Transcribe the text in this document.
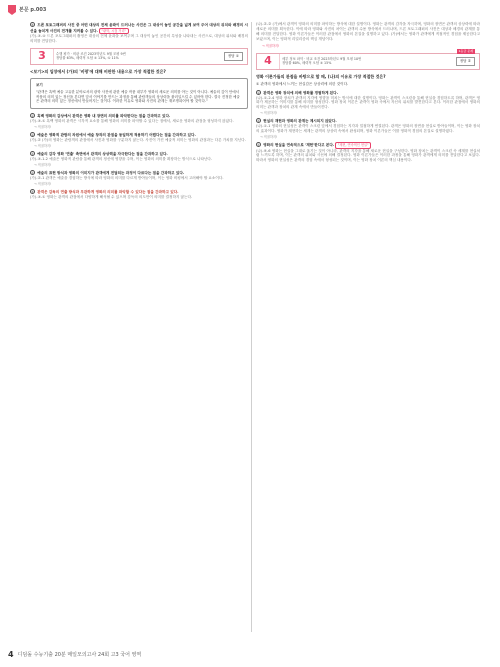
본문 p.003
⑥ 드론 포토그래퍼의 사진 중 어떤 대상의 전체 윤곽이 드러나는 사진은 그 대상이 놓인 공간을 넓게 보여 주어 대상의 위치와 배경의 시선을 놓치게 사진의 전개를 지켜볼 수 있다. "광학, 시점 거리"
(가)-③-④ 드론 포토그래퍼의 촬영은 대상의 전체 윤곽을 보여주며 그 대상이 놓인 공간의 특성을 나타내는 사진으로, 대상의 위치와 배경의 의미를 전달한다.
3	수행 평가 · 비판 조건 2023학년도 9월 모평 9번
정답률 63%, 매력적 오답 ② 13%, ⑤ 11%
정답 ①
<보기>의 입장에서 (가)의 '비평'에 대해 비판한 내용으로 가장 적절한 것은?
보기
"관객은 흑백 예술 고유한 분야로서의 광학 사진에 관한 예술 작품 내부가 영화의 새로운 의미를 아는 것이 아니다. 예술의 깊이 안에서 작품의 의미 있는 정신을 본다면 앞서 이야기를 만드는 과정을 통해 관람객들의 상상력을 불러일으킬 수 있어야 한다. 결국 진정한 예술은 관객의 의미 있는 정신에서 만들어지는 것이다. 이러한 이유로 영화와 사진의 관계는 재조명되어야 할 것이다."
① 흑백 영화의 감상에서 관객은 영화 내 장면의 의미를 파악한다는 점을 간과하고 있다.
(가)-③-① 흑백 영화의 관객은 시각적 요소를 통해 영화의 의미를 파악할 수 있다는 점에서, 새로운 영화의 관점을 형성하지 않았다.
→ 적절하지!
② 예술은 영화적 관람의 차원에서 예술 창작의 관점을 동일하게 적용하기 어렵다는 점을 간과하고 있다.
(가)-② (가)의 영화는 관람객의 관점에서 사진과 영화를 구분하지 않는다. 사진이 가진 예술적 의미는 영화의 관점과는 다른 가치를 지닌다.
→ 적절하지!
③ 예술의 감각 영화 '연출' 측면에서 관객의 상상력을 자극한다는 점을 간과하고 있다.
(가)-③-1-2 예술은 영화적 관람을 통해 관객의 정신에 영향을 주며, 이는 영화의 의미를 확장하는 방식으로 나타난다.
→ 적절하지!
④ 예술의 표현 방식과 영화의 이미지가 관객에게 전달되는 과정이 다르다는 점을 간과하고 있다.
(가)-②-1 관객은 예술을 경험하는 방식에 따라 영화의 의미를 다르게 받아들이며, 이는 영화 비평에서 고려해야 할 요소이다.
→ 적절하지!
⑤ 관객은 감독의 연출 방식과 무관하게 영화의 의미를 파악할 수 있다는 점을 간과하고 있다.
(가)-③-① 영화는 관객의 관점에서 다양하게 해석될 수 있으며 감독의 의도만이 의미를 결정하지 않는다.
(나)-②-② (가)에서 관객이 영화의 의미를 파악하는 방식에 대한 설명이다. 영화는 관객의 감각을 자극하며, 영화의 장면은 관객의 상상력에 따라 새로운 의미를 획득한다. 이에 따라 영화와 사진의 차이는 관객의 수용 방식에서 드러나며, 드론 포토그래퍼의 사진은 대상과 배경의 관계를 통해 의미를 전달한다. 영화 이론가들은 이러한 관점에서 영화의 본질을 설명하고 있다. (가)에서는 영화가 관객에게 직접적인 경험을 제공한다고 보았으며, 이는 영화적 리얼리즘의 핵심 개념이다.
→ 적절하지!
1등급 문제
4	세부 정보 파악 · 비교 조건 2023학년도 9월 모평 10번
정답률 60%, 매력적 오답 ⑤ 15%
정답 ②
영화 이론가들의 관점을 바탕으로 할 때, (나)의 이유로 가장 적절한 것은?
① 관객의 영화에서 느끼는 현실감은 상상력에 의한 것이다.
② 관객은 영화 장치에 의해 영화를 경험하게 된다.
(나)-①-2-4 영화 장치가 관객의 지각에 영향을 미치는 방식에 대한 설명이다. 영화는 관객이 스크린을 통해 현실을 경험하도록 하며, 관객은 영화가 제공하는 이미지를 통해 의미를 형성한다. 영화 장치 이론은 관객이 영화 속에서 자신의 위치를 발견한다고 본다. 이러한 관점에서 영화의 의미는 관객과 장치의 관계 속에서 만들어진다.
→ 적절하지!
③ 현실의 재현과 영화의 관계는 제시되지 않았다.
(나)-①-1 영화의 현실성은 관객이 스크린 앞에서 경험하는 지각과 밀접하게 연결된다. 관객은 영화의 장면을 현실로 받아들이며, 이는 영화 장치의 효과이다. 영화가 재현하는 세계는 관객의 상상력 속에서 완성되며, 영화 이론가들은 이를 영화적 경험의 본질로 설명하였다.
→ 적절하지!
④ 영화의 현실을 연속적으로 '재현'한다고 본다. "재현, 연속적인 현실"
(나)-⑤-6 영화는 현실을 그대로 옮기는 것이 아니라, 관객의 지각을 통해 새로운 현실을 구성한다. 영화 장치는 관객이 스크린 속 세계를 현실처럼 느끼도록 하며, 이는 관객의 위치와 시선에 의해 결정된다. 영화 이론가들은 이러한 과정을 통해 영화가 관객에게 의미를 전달한다고 보았다. 따라서 영화의 현실성은 관객의 경험 속에서 형성되는 것이며, 이는 영화 장치 이론의 핵심 내용이다.
4 디딤돌 수능기출 20분 매일모의고사 24회 고3 국어 영역
